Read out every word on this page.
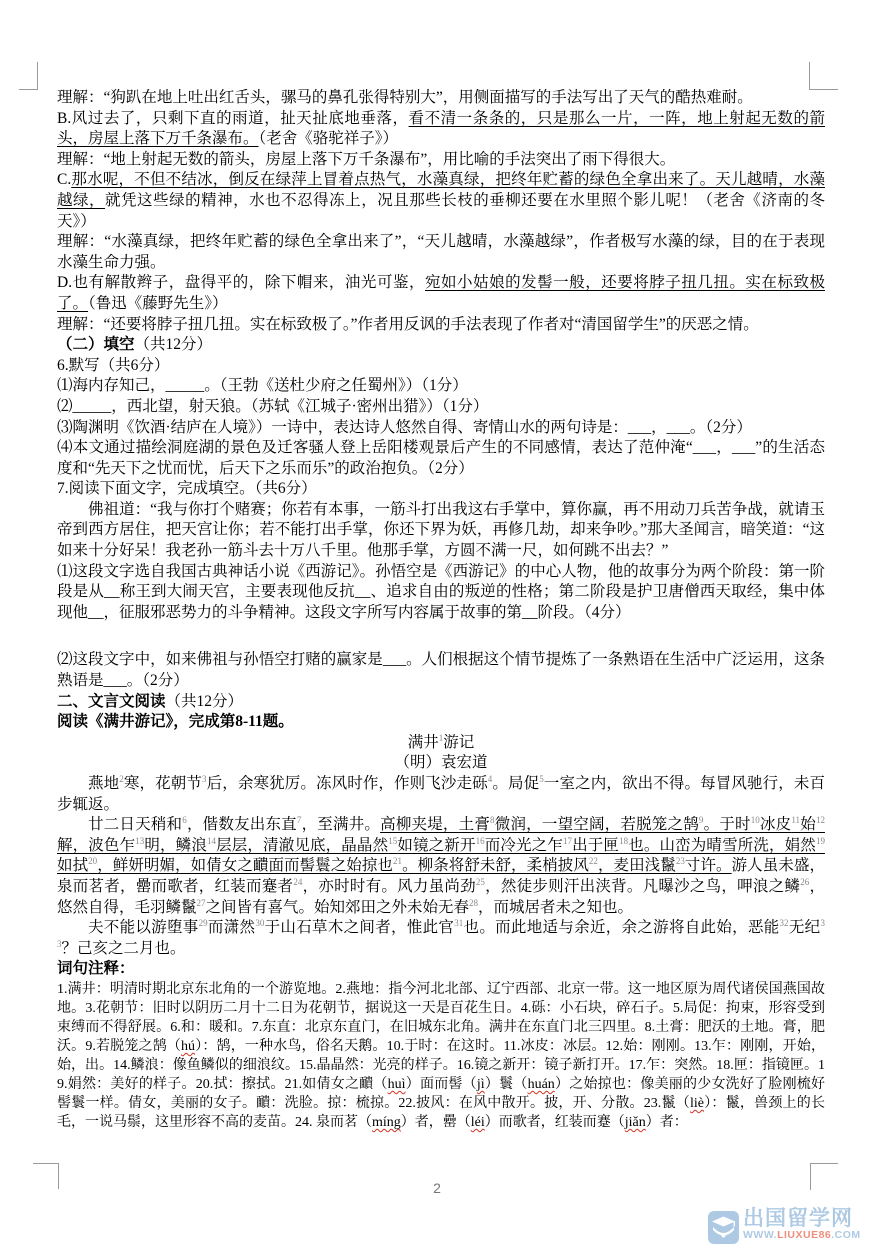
理解：“狗趴在地上吐出红舌头，骡马的鼻孔张得特别大”，用侧面描写的手法写出了天气的酷热难耐。
B.风过去了，只剩下直的雨道，扯天扯底地垂落，看不清一条条的，只是那么一片，一阵，地上射起无数的箭头，房屋上落下万千条瀑布。（老舍《骆驼祥子》）
理解：“地上射起无数的箭头，房屋上落下万千条瀑布”，用比喻的手法突出了雨下得很大。
C.那水呢，不但不结冰，倒反在绿萍上冒着点热气，水藻真绿，把终年贮蓄的绿色全拿出来了。天儿越晴，水藻越绿，就凭这些绿的精神，水也不忍得冻上，况且那些长枝的垂柳还要在水里照个影儿呢！（老舍《济南的冬天》）
理解：“水藻真绿，把终年贮蓄的绿色全拿出来了”，“天儿越晴，水藻越绿”，作者极写水藻的绿，目的在于表现水藻生命力强。
D.也有解散辫子，盘得平的，除下帽来，油光可鉴，宛如小姑娘的发髻一般，还要将脖子扭几扭。实在标致极了。（鲁迅《藤野先生》）
理解：“还要将脖子扭几扭。实在标致极了。”作者用反讽的手法表现了作者对“清国留学生”的厌恶之情。
（二）填空（共12分）
6.默写（共6分）
⑴海内存知己，_____。（王勃《送杜少府之任蜀州》）（1分）
⑵_____，西北望，射天狼。（苏轼《江城子·密州出猎》）（1分）
⑶陶渊明《饮酒·结庐在人境》）一诗中，表达诗人悠然自得、寄情山水的两句诗是：___，___。（2分）
⑷本文通过描绘洞庭湖的景色及迁客骚人登上岳阳楼观景后产生的不同感情，表达了范仲淹“___，___”的生活态度和“先天下之忧而忧，后天下之乐而乐”的政治抱负。（2分）
7.阅读下面文字，完成填空。（共6分）
佛祖道：“我与你打个赌赛；你若有本事，一筋斗打出我这右手掌中，算你赢，再不用动刀兵苦争战，就请玉帝到西方居住，把天宫让你；若不能打出手掌，你还下界为妖，再修几劫，却来争吵。”那大圣闻言，暗笑道：“这如来十分好呆！我老孙一筋斗去十万八千里。他那手掌，方圆不满一尺，如何跳不出去？”
⑴这段文字选自我国古典神话小说《西游记》。孙悟空是《西游记》的中心人物，他的故事分为两个阶段：第一阶段是从__称王到大闹天宫，主要表现他反抗__、追求自由的叛逆的性格；第二阶段是护卫唐僧西天取经，集中体现他__，征服邪恶势力的斗争精神。这段文字所写内容属于故事的第__阶段。（4分）
⑵这段文字中，如来佛祖与孙悟空打赌的赢家是___。人们根据这个情节提炼了一条熟语在生活中广泛运用，这条熟语是___。（2分）
二、文言文阅读（共12分）
阅读《满井游记》，完成第8-11题。
满井$^1$游记
（明）袁宏道
燕地$^2$寒，花朝节$^3$后，余寒犹厉。冻风时作，作则飞沙走砾$^4$。局促$^5$一室之内，欲出不得。每冒风驰行，未百步辄返。
廿二日天稍和$^6$，偕数友出东直$^7$，至满井。高柳夹堤，土膏$^8$微润，一望空阔，若脱笼之鹄$^9$。于时$^{10}$冰皮$^{11}$始$^{12}$解，波色乍$^{13}$明，鳞浪$^{14}$层层，清澈见底，晶晶然$^{15}$如镜之新开$^{16}$而冷光之乍$^{17}$出于匣$^{18}$也。山峦为晴雪所洗，娟然$^{19}$如拭$^{20}$，鲜妍明媚，如倩女之靧面而髻鬟之始掠也$^{21}$。柳条将舒未舒，柔梢披风$^{22}$，麦田浅鬣$^{23}$寸许。游人虽未盛，泉而茗者，罍而歌者，红装而蹇者$^{24}$，亦时时有。风力虽尚劲$^{25}$，然徒步则汗出浃背。凡曝沙之鸟，呷浪之鳞$^{26}$，悠然自得，毛羽鳞鬣$^{27}$之间皆有喜气。始知郊田之外未始无春$^{28}$，而城居者未之知也。
夫不能以游堕事$^{29}$而潇然$^{30}$于山石草木之间者，惟此官$^{31}$也。而此地适与余近，余之游将自此始，恶能$^{32}$无纪$^{33}$？己亥之二月也。
词句注释：
1.满井：明清时期北京东北角的一个游览地。2.燕地：指今河北北部、辽宁西部、北京一带。这一地区原为周代诸侯国燕国故地。3.花朝节：旧时以阴历二月十二日为花朝节，据说这一天是百花生日。4.砾：小石块，碎石子。5.局促：拘束，形容受到束缚而不得舒展。6.和：暖和。7.东直：北京东直门，在旧城东北角。满井在东直门北三四里。8.土膏：肥沃的土地。膏，肥沃。9.若脱笼之鹄（hú）：鹄，一种水鸟，俗名天鹅。10.于时：在这时。11.冰皮：冰层。12.始：刚刚。13.乍：刚刚，开始，始，出。14.鳞浪：像鱼鳞似的细浪纹。15.晶晶然：光亮的样子。16.镜之新开：镜子新打开。17.乍：突然。18.匣：指镜匣。19.娟然：美好的样子。20.拭：擦拭。21.如倩女之靧（huì）面而髻（jì）鬟（huán）之始掠也：像美丽的少女洗好了脸刚梳好髻鬟一样。倩女，美丽的女子。靧：洗脸。掠：梳掠。22.披风：在风中散开。披，开、分散。23.鬣（liè）：鬣，兽颈上的长毛，一说马鬃，这里形容不高的麦苗。24. 泉而茗（míng）者，罍（léi）而歌者，红装而蹇（jiǎn）者：
2
出国留学网
WWW.LIUXUE86.COM
